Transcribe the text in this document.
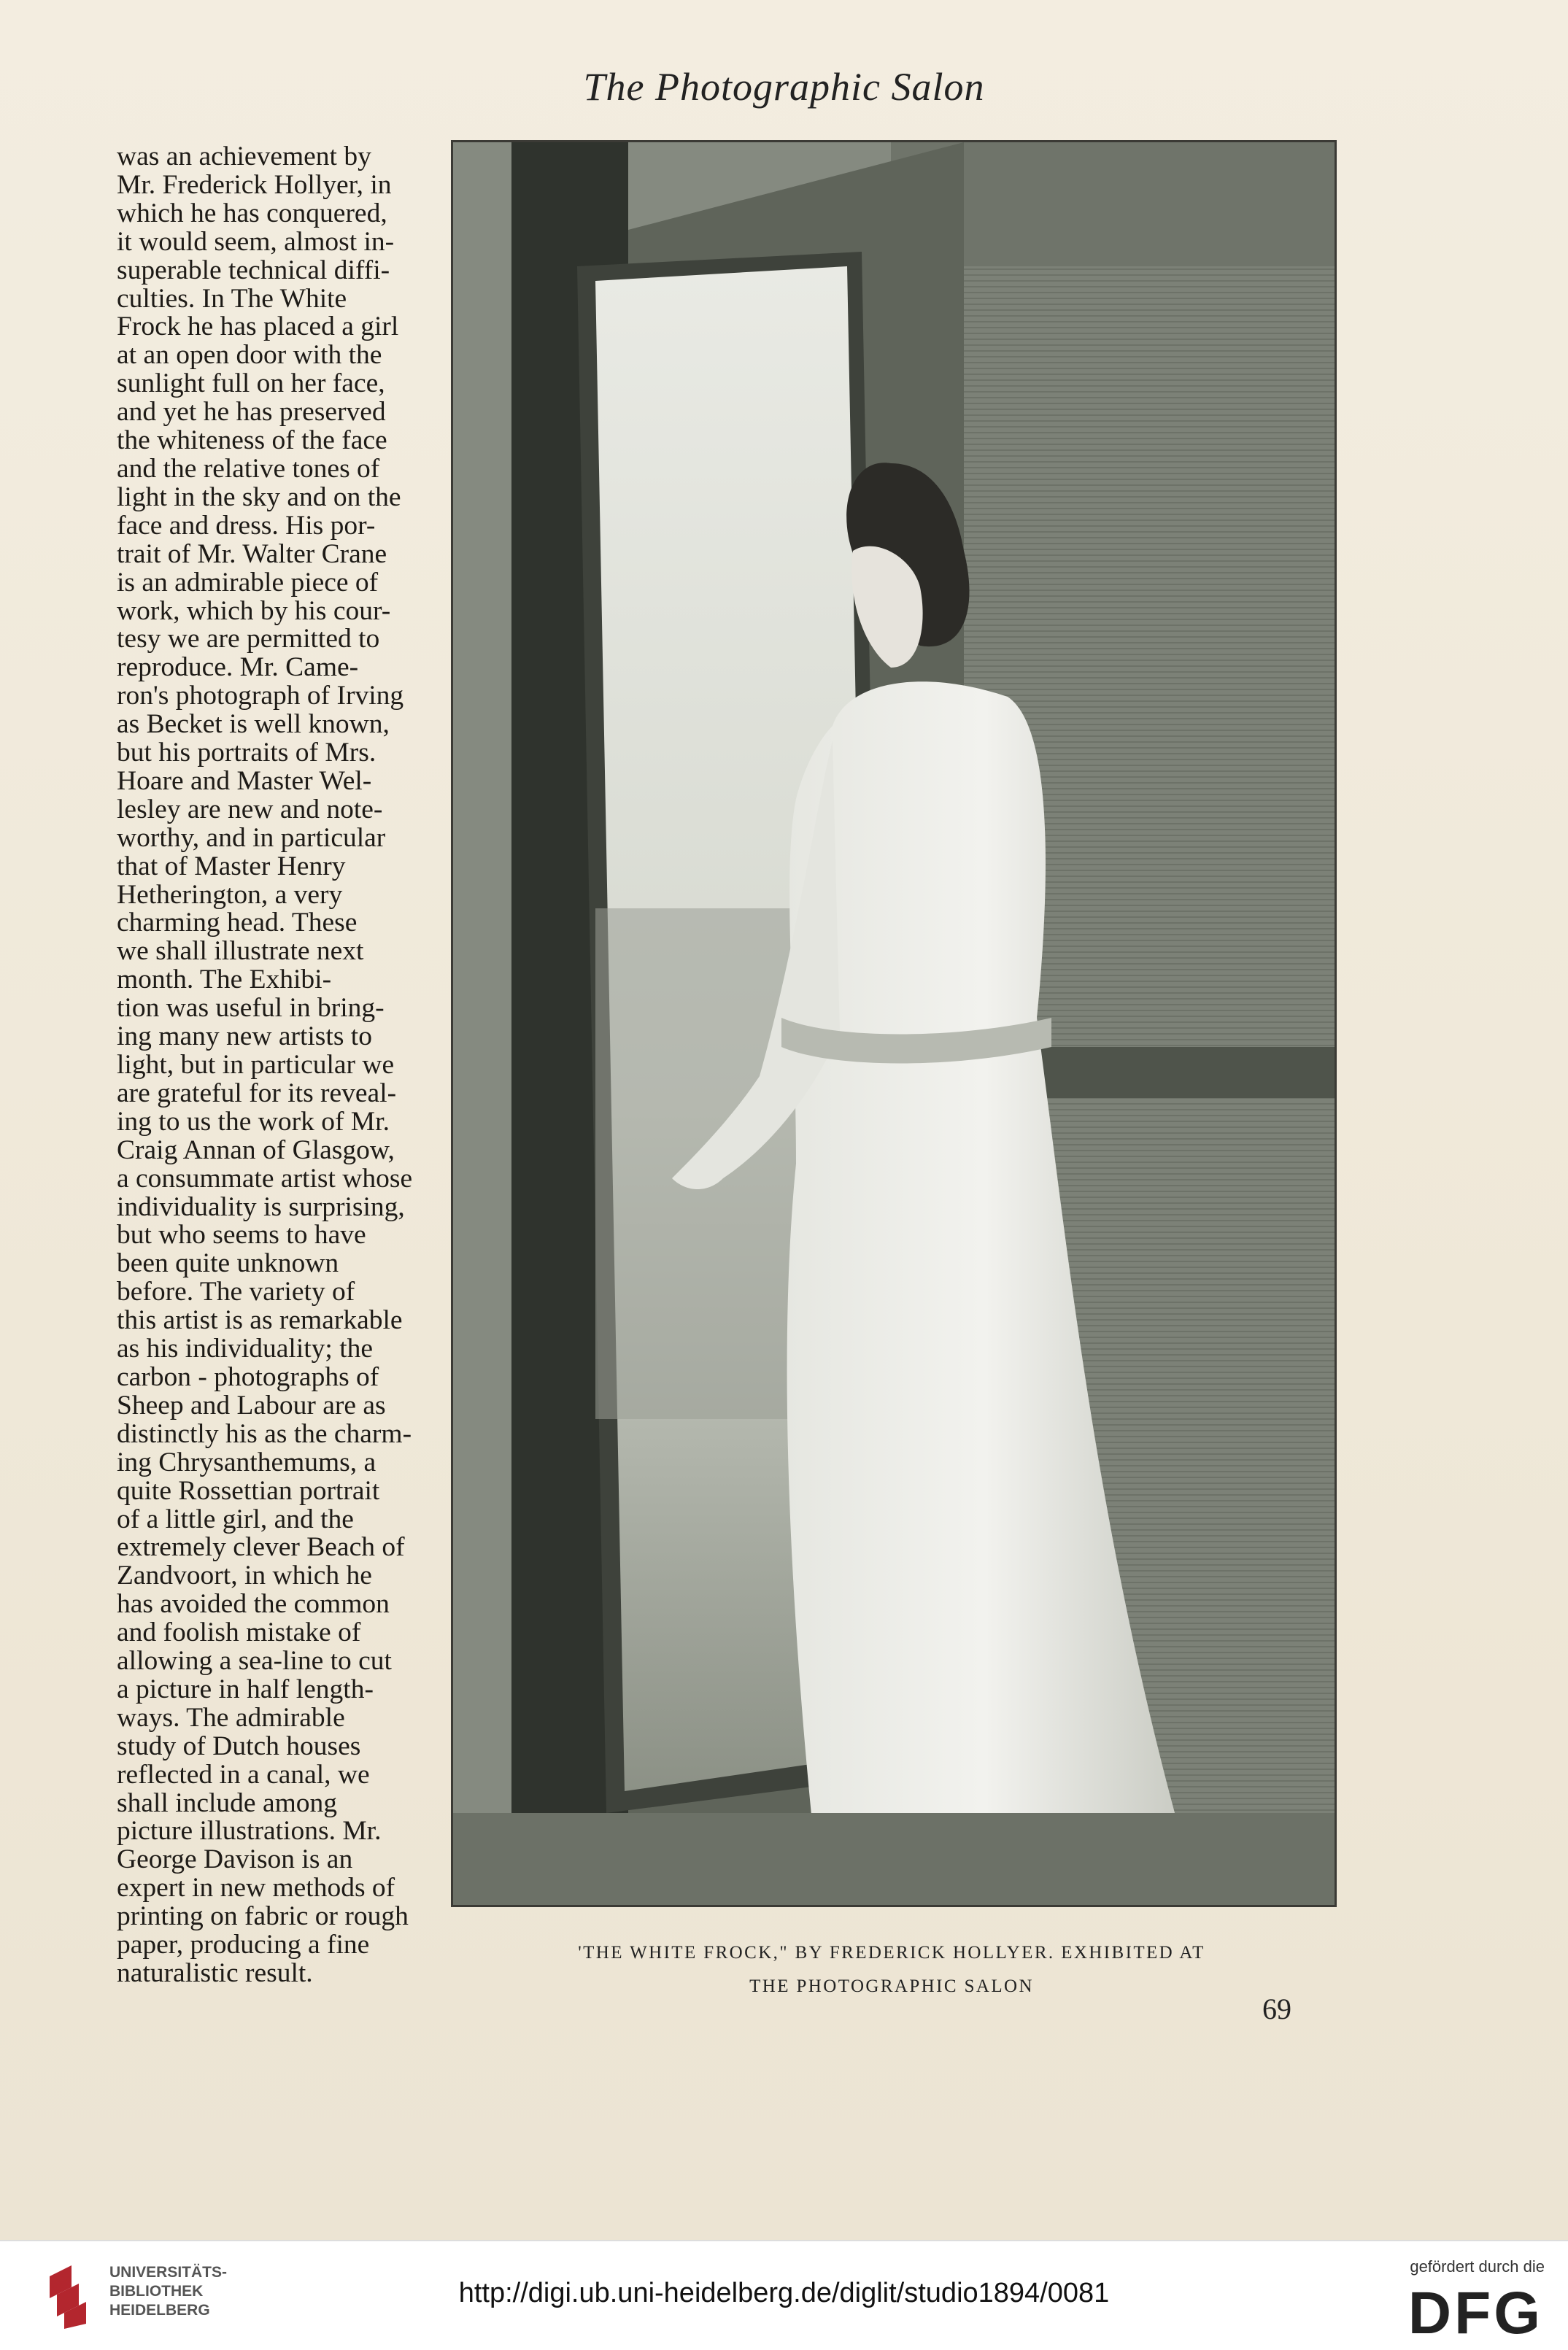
The Photographic Salon
was an achievement by
Mr. Frederick Hollyer, in
which he has conquered,
it would seem, almost in-
superable technical diffi-
culties. In The White
Frock he has placed a girl
at an open door with the
sunlight full on her face,
and yet he has preserved
the whiteness of the face
and the relative tones of
light in the sky and on the
face and dress. His por-
trait of Mr. Walter Crane
is an admirable piece of
work, which by his cour-
tesy we are permitted to
reproduce. Mr. Came-
ron's photograph of Irving
as Becket is well known,
but his portraits of Mrs.
Hoare and Master Wel-
lesley are new and note-
worthy, and in particular
that of Master Henry
Hetherington, a very
charming head. These
we shall illustrate next
month. The Exhibi-
tion was useful in bring-
ing many new artists to
light, but in particular we
are grateful for its reveal-
ing to us the work of Mr.
Craig Annan of Glasgow,
a consummate artist whose
individuality is surprising,
but who seems to have
been quite unknown
before. The variety of
this artist is as remarkable
as his individuality; the
carbon - photographs of
Sheep and Labour are as
distinctly his as the charm-
ing Chrysanthemums, a
quite Rossettian portrait
of a little girl, and the
extremely clever Beach of
Zandvoort, in which he
has avoided the common
and foolish mistake of
allowing a sea-line to cut
a picture in half length-
ways. The admirable
study of Dutch houses
reflected in a canal, we
shall include among
picture illustrations. Mr.
George Davison is an
expert in new methods of
printing on fabric or rough
paper, producing a fine
naturalistic result.
'THE WHITE FROCK," BY FREDERICK HOLLYER. EXHIBITED AT
THE PHOTOGRAPHIC SALON
69
UNIVERSITÄTS-
BIBLIOTHEK
HEIDELBERG
http://digi.ub.uni-heidelberg.de/diglit/studio1894/0081
gefördert durch die
DFG
